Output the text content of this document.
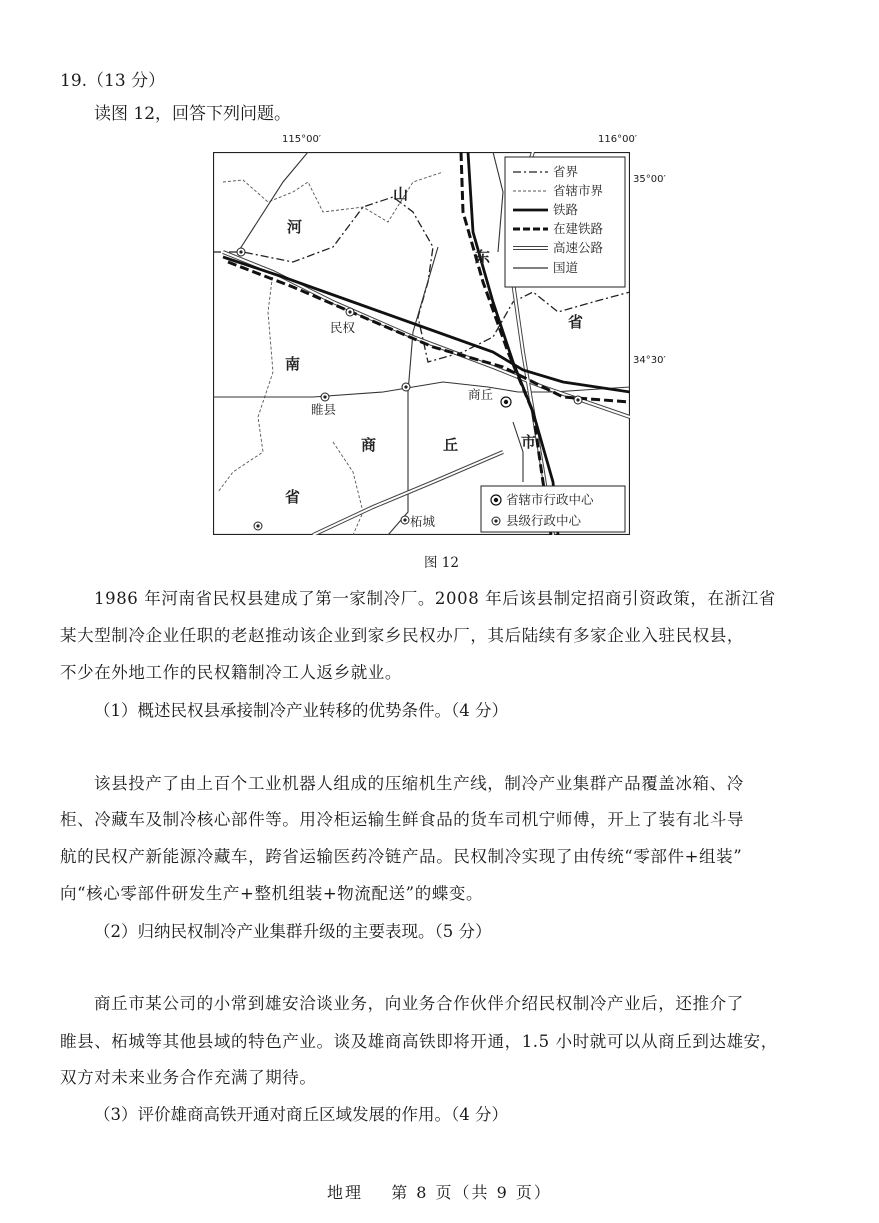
19.（13 分）
读图 12，回答下列问题。
山
河
东
省
南
商	丘	市
省
民权
睢县
商丘
柘城
省界
省辖市界
铁路
在建铁路
高速公路
国道
省辖市行政中心
县级行政中心
115°00′	116°00′
35°00′
34°30′
图 12
1986 年河南省民权县建成了第一家制冷厂。2008 年后该县制定招商引资政策，在浙江省
某大型制冷企业任职的老赵推动该企业到家乡民权办厂，其后陆续有多家企业入驻民权县，
不少在外地工作的民权籍制冷工人返乡就业。
（1）概述民权县承接制冷产业转移的优势条件。（4 分）
该县投产了由上百个工业机器人组成的压缩机生产线，制冷产业集群产品覆盖冰箱、冷
柜、冷藏车及制冷核心部件等。用冷柜运输生鲜食品的货车司机宁师傅，开上了装有北斗导
航的民权产新能源冷藏车，跨省运输医药冷链产品。民权制冷实现了由传统“零部件+组装”
向“核心零部件研发生产+整机组装+物流配送”的蝶变。
（2）归纳民权制冷产业集群升级的主要表现。（5 分）
商丘市某公司的小常到雄安洽谈业务，向业务合作伙伴介绍民权制冷产业后，还推介了
睢县、柘城等其他县域的特色产业。谈及雄商高铁即将开通，1.5 小时就可以从商丘到达雄安，
双方对未来业务合作充满了期待。
（3）评价雄商高铁开通对商丘区域发展的作用。（4 分）
地理 第 8 页（共 9 页）
